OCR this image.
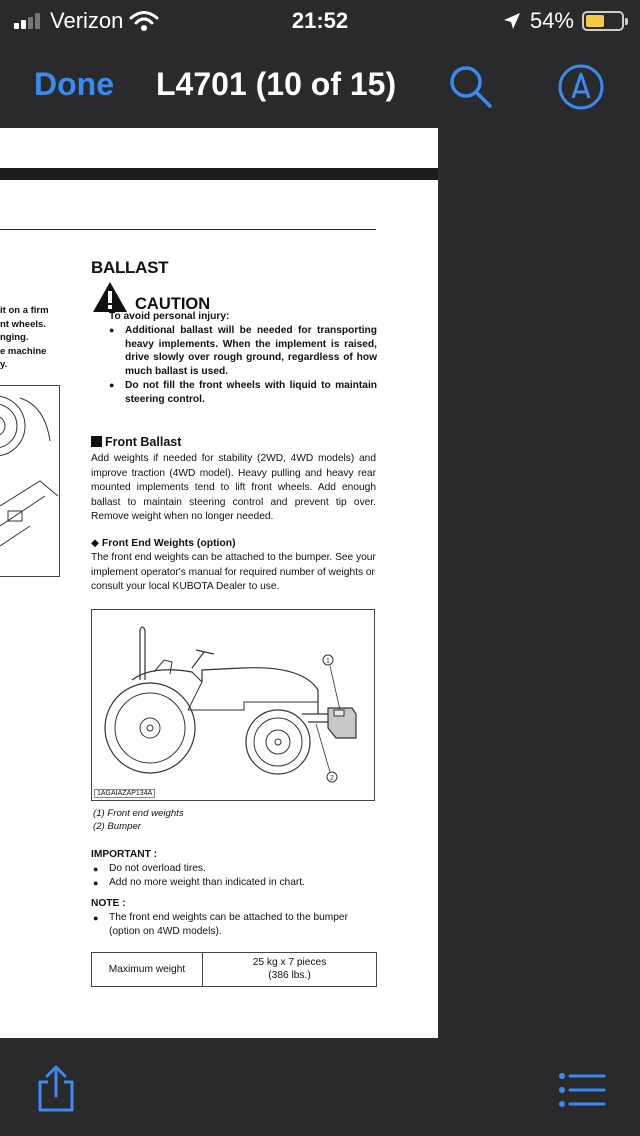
Verizon	21:52	54%
Done L4701 (10 of 15)
it on a firm
nt wheels.
nging.
e machine
y.
BALLAST
CAUTION
To avoid personal injury:
● Additional ballast will be needed for transporting heavy implements. When the implement is raised, drive slowly over rough ground, regardless of how much ballast is used.
● Do not fill the front wheels with liquid to maintain steering control.
Front Ballast
Add weights if needed for stability (2WD, 4WD models) and improve traction (4WD model). Heavy pulling and heavy rear mounted implements tend to lift front wheels. Add enough ballast to maintain steering control and prevent tip over. Remove weight when no longer needed.
◆ Front End Weights (option)
The front end weights can be attached to the bumper. See your implement operator's manual for required number of weights or consult your local KUBOTA Dealer to use.
1
2
1AGAIAZAP134A
(1) Front end weights
(2) Bumper
IMPORTANT :
● Do not overload tires.
● Add no more weight than indicated in chart.
NOTE :
● The front end weights can be attached to the bumper (option on 4WD models).
Maximum weight
25 kg x 7 pieces
(386 lbs.)
